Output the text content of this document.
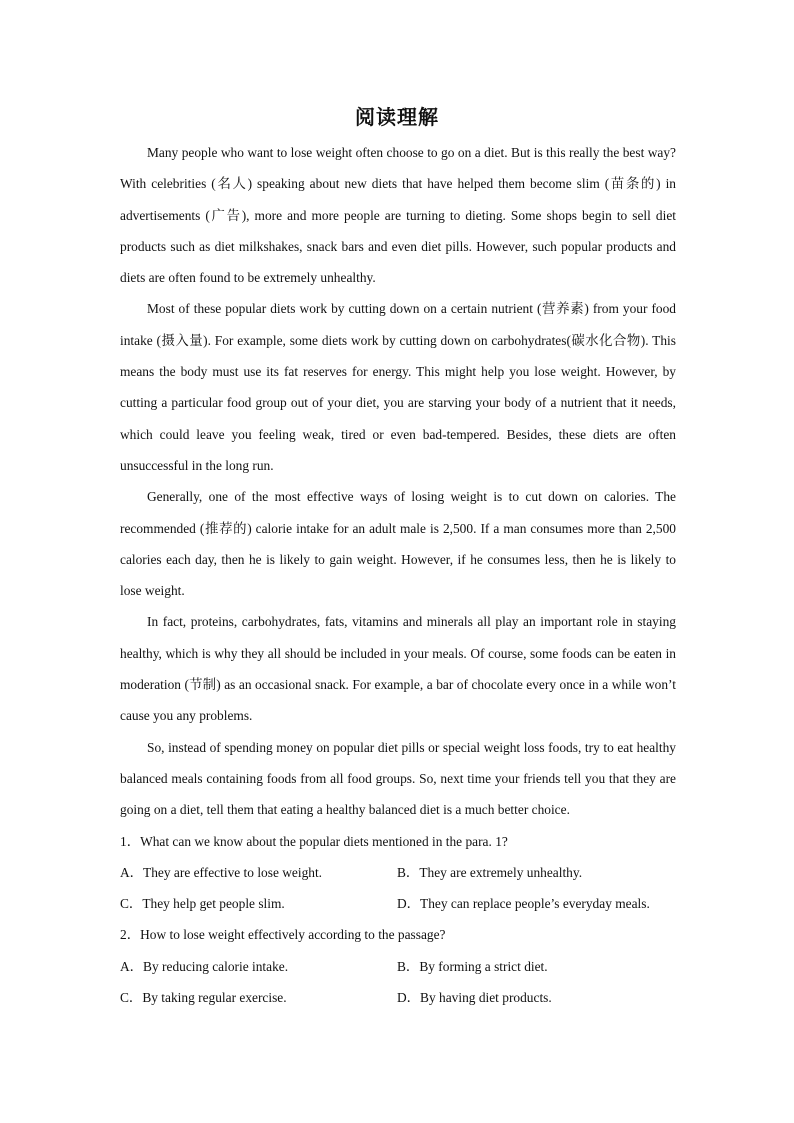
阅读理解

Many people who want to lose weight often choose to go on a diet. But is this really the best way? With celebrities (名人) speaking about new diets that have helped them become slim (苗条的) in advertisements (广告), more and more people are turning to dieting. Some shops begin to sell diet products such as diet milkshakes, snack bars and even diet pills. However, such popular products and diets are often found to be extremely unhealthy.

Most of these popular diets work by cutting down on a certain nutrient (营养素) from your food intake (摄入量). For example, some diets work by cutting down on carbohydrates(碳水化合物). This means the body must use its fat reserves for energy. This might help you lose weight. However, by cutting a particular food group out of your diet, you are starving your body of a nutrient that it needs, which could leave you feeling weak, tired or even bad-tempered. Besides, these diets are often unsuccessful in the long run.

Generally, one of the most effective ways of losing weight is to cut down on calories. The recommended (推荐的) calorie intake for an adult male is 2,500. If a man consumes more than 2,500 calories each day, then he is likely to gain weight. However, if he consumes less, then he is likely to lose weight.

In fact, proteins, carbohydrates, fats, vitamins and minerals all play an important role in staying healthy, which is why they all should be included in your meals. Of course, some foods can be eaten in moderation (节制) as an occasional snack. For example, a bar of chocolate every once in a while won’t cause you any problems.

So, instead of spending money on popular diet pills or special weight loss foods, try to eat healthy balanced meals containing foods from all food groups. So, next time your friends tell you that they are going on a diet, tell them that eating a healthy balanced diet is a much better choice.

1．What can we know about the popular diets mentioned in the para. 1?

A．They are effective to lose weight.	B．They are extremely unhealthy.
C．They help get people slim.	D．They can replace people’s everyday meals.

2．How to lose weight effectively according to the passage?

A．By reducing calorie intake.	B．By forming a strict diet.
C．By taking regular exercise.	D．By having diet products.
